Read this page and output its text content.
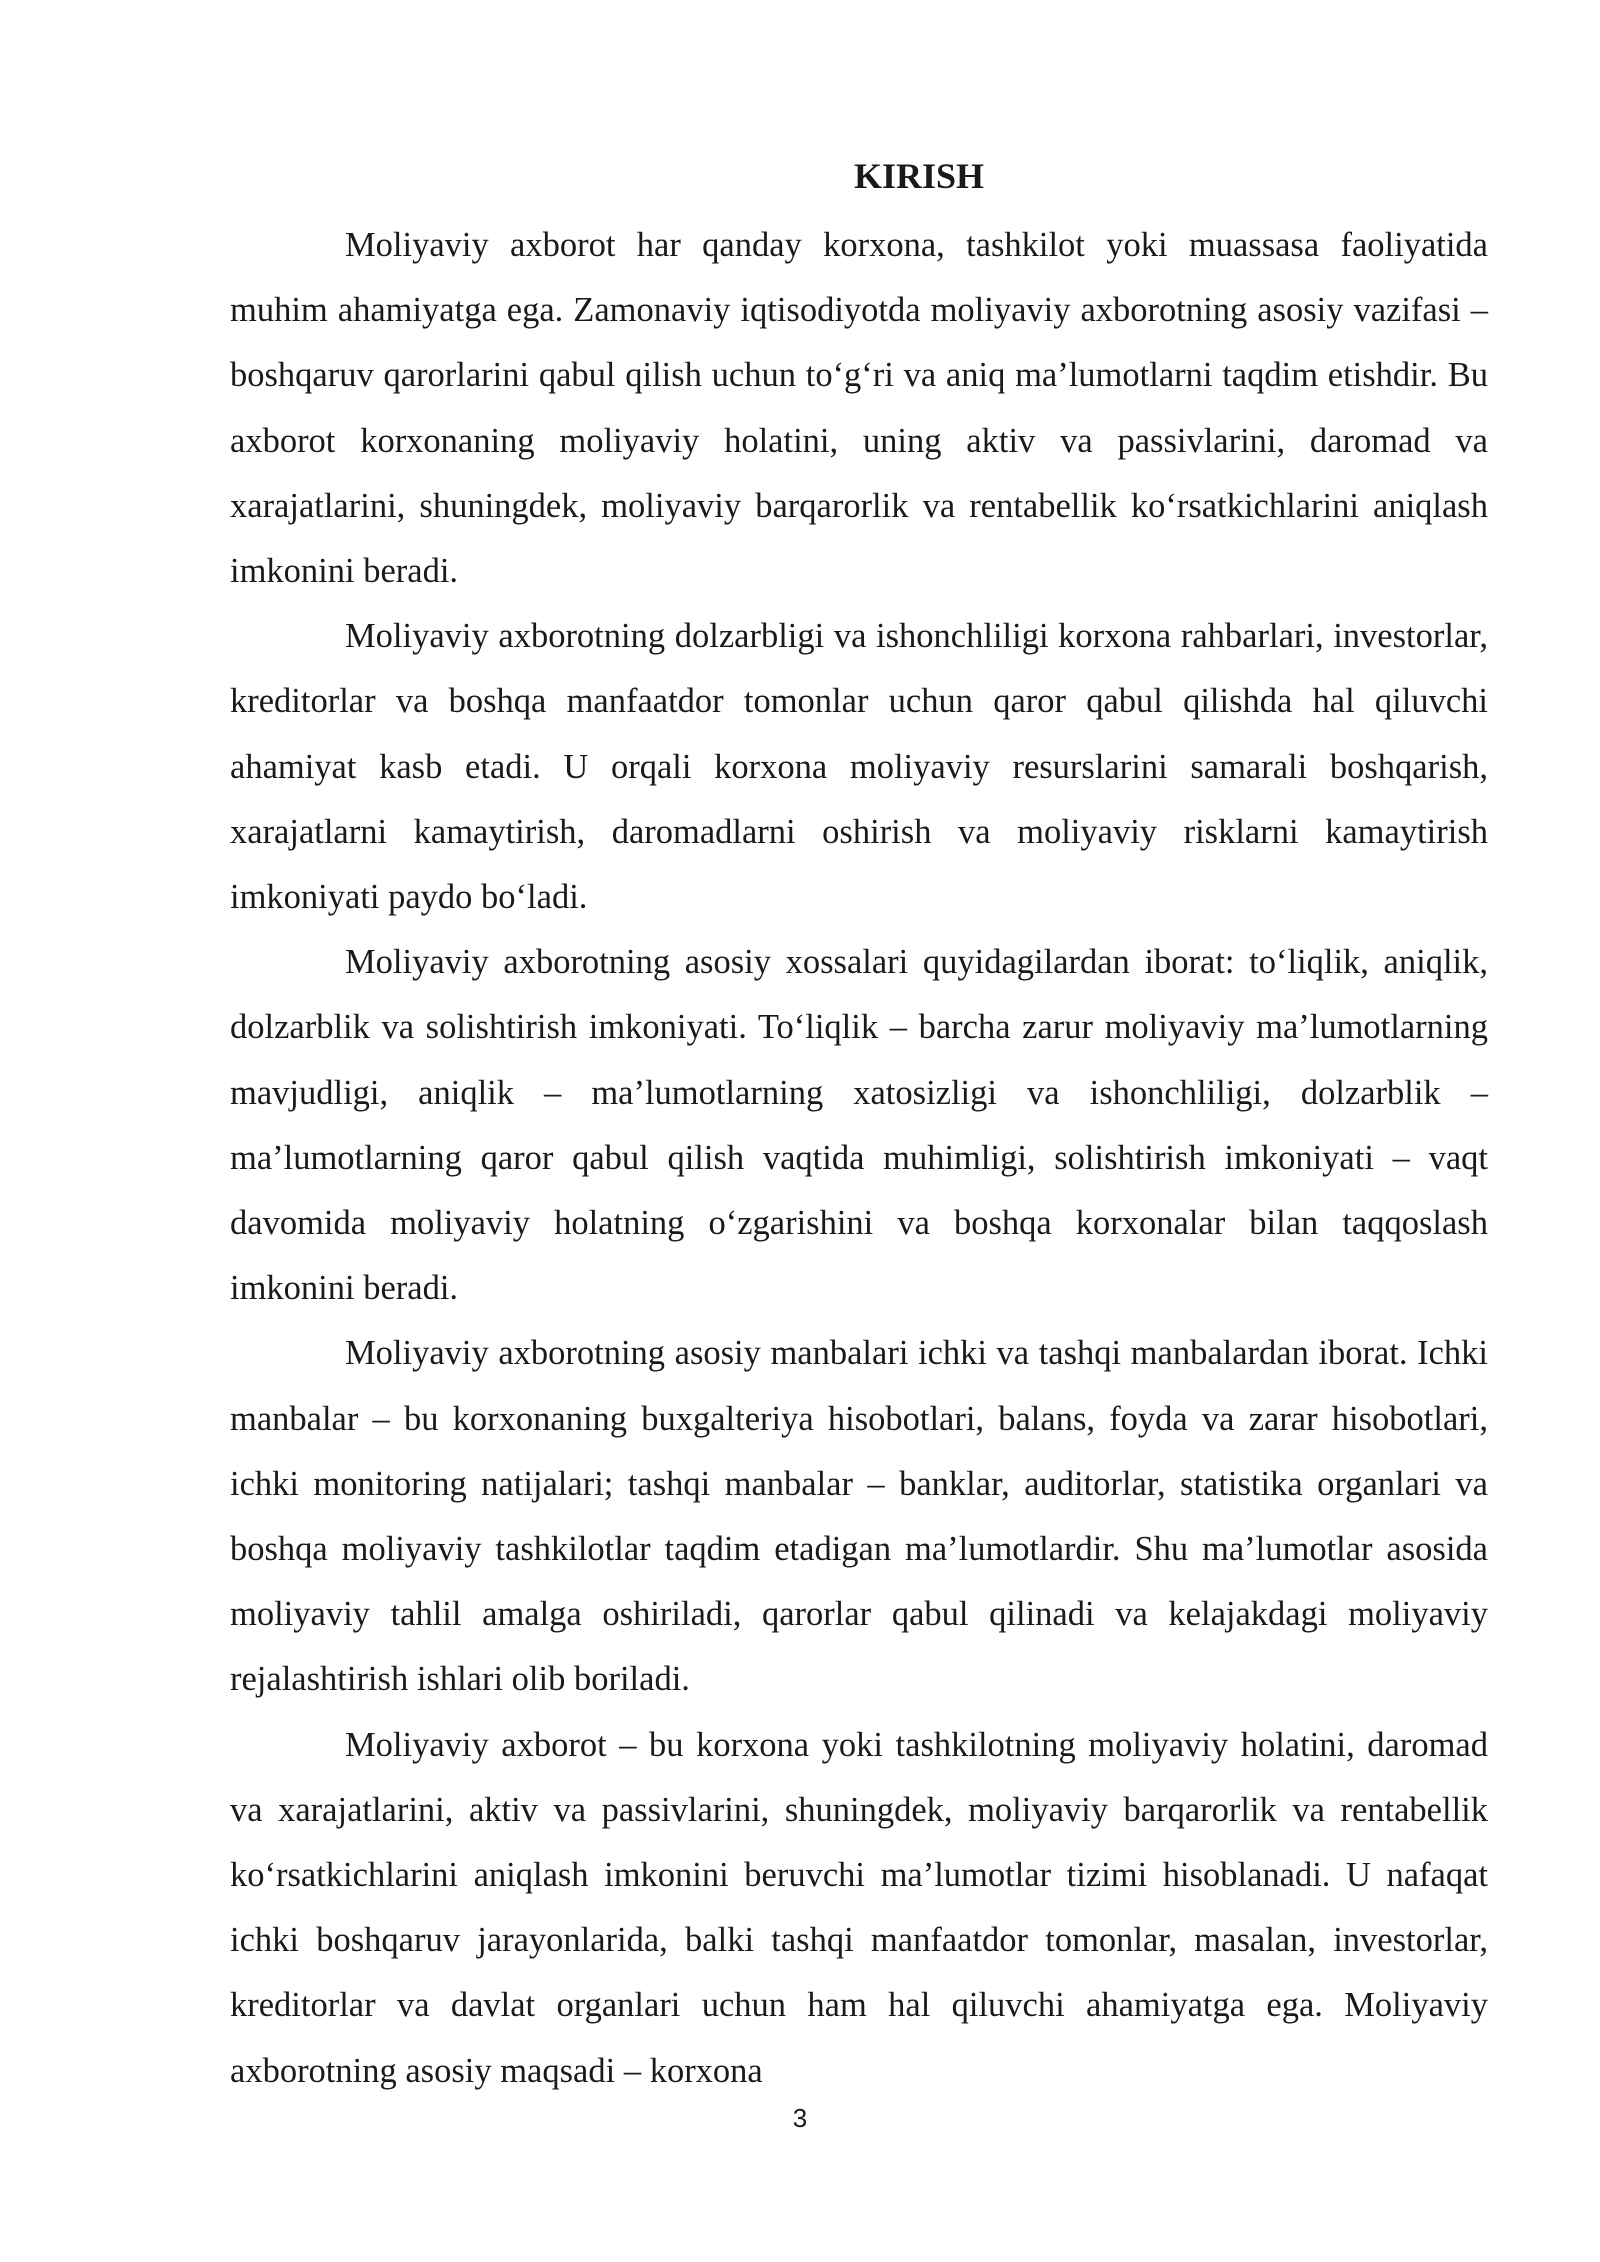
KIRISH

Moliyaviy axborot har qanday korxona, tashkilot yoki muassasa faoliyatida muhim ahamiyatga ega. Zamonaviy iqtisodiyotda moliyaviy axborotning asosiy vazifasi – boshqaruv qarorlarini qabul qilish uchun to‘g‘ri va aniq ma’lumotlarni taqdim etishdir. Bu axborot korxonaning moliyaviy holatini, uning aktiv va passivlarini, daromad va xarajatlarini, shuningdek, moliyaviy barqarorlik va rentabellik ko‘rsatkichlarini aniqlash imkonini beradi.

Moliyaviy axborotning dolzarbligi va ishonchliligi korxona rahbarlari, investorlar, kreditorlar va boshqa manfaatdor tomonlar uchun qaror qabul qilishda hal qiluvchi ahamiyat kasb etadi. U orqali korxona moliyaviy resurslarini samarali boshqarish, xarajatlarni kamaytirish, daromadlarni oshirish va moliyaviy risklarni kamaytirish imkoniyati paydo bo‘ladi.

Moliyaviy axborotning asosiy xossalari quyidagilardan iborat: to‘liqlik, aniqlik, dolzarblik va solishtirish imkoniyati. To‘liqlik – barcha zarur moliyaviy ma’lumotlarning mavjudligi, aniqlik – ma’lumotlarning xatosizligi va ishonchliligi, dolzarblik – ma’lumotlarning qaror qabul qilish vaqtida muhimligi, solishtirish imkoniyati – vaqt davomida moliyaviy holatning o‘zgarishini va boshqa korxonalar bilan taqqoslash imkonini beradi.

Moliyaviy axborotning asosiy manbalari ichki va tashqi manbalardan iborat. Ichki manbalar – bu korxonaning buxgalteriya hisobotlari, balans, foyda va zarar hisobotlari, ichki monitoring natijalari; tashqi manbalar – banklar, auditorlar, statistika organlari va boshqa moliyaviy tashkilotlar taqdim etadigan ma’lumotlardir. Shu ma’lumotlar asosida moliyaviy tahlil amalga oshiriladi, qarorlar qabul qilinadi va kelajakdagi moliyaviy rejalashtirish ishlari olib boriladi.

Moliyaviy axborot – bu korxona yoki tashkilotning moliyaviy holatini, daromad va xarajatlarini, aktiv va passivlarini, shuningdek, moliyaviy barqarorlik va rentabellik ko‘rsatkichlarini aniqlash imkonini beruvchi ma’lumotlar tizimi hisoblanadi. U nafaqat ichki boshqaruv jarayonlarida, balki tashqi manfaatdor tomonlar, masalan, investorlar, kreditorlar va davlat organlari uchun ham hal qiluvchi ahamiyatga ega. Moliyaviy axborotning asosiy maqsadi – korxona

3
